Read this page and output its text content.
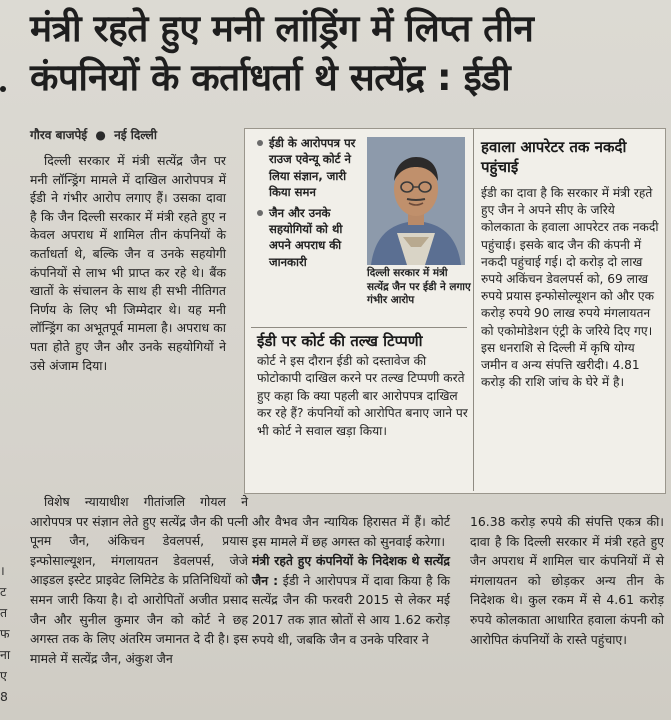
मंत्री रहते हुए मनी लांड्रिंग में लिप्त तीन
कंपनियों के कर्ताधर्ता थे सत्येंद्र : ईडी
गौरव बाजपेई ● नई दिल्ली

दिल्ली सरकार में मंत्री सत्येंद्र जैन पर मनी लॉन्ड्रिंग मामले में दाखिल आरोपपत्र में ईडी ने गंभीर आरोप लगाए हैं। उसका दावा है कि जैन दिल्ली सरकार में मंत्री रहते हुए न केवल अपराध में शामिल तीन कंपनियों के कर्ताधर्ता थे, बल्कि जैन व उनके सहयोगी कंपनियों से लाभ भी प्राप्त कर रहे थे। बैंक खातों के संचालन के साथ ही सभी नीतिगत निर्णय के लिए भी जिम्मेदार थे। यह मनी लॉन्ड्रिंग का अभूतपूर्व मामला है। अपराध का पता होते हुए जैन और उनके सहयोगियों ने उसे अंजाम दिया।

।
ट
त
फ
ना
ए
8

विशेष न्यायाधीश गीतांजलि गोयल ने आरोपपत्र पर संज्ञान लेते हुए सत्येंद्र जैन की पत्नी पूनम जैन, अंकिचन डेवलपर्स, प्रयास इन्फोसाल्यूशन, मंगलायतन डेवलपर्स, जेजे आइडल इस्टेट प्राइवेट लिमिटेड के प्रतिनिधियों को समन जारी किया है। दो आरोपितों अजीत प्रसाद जैन और सुनील कुमार जैन को कोर्ट ने छह अगस्त तक के लिए अंतरिम जमानत दे दी है। इस मामले में सत्येंद्र जैन, अंकुश जैन

ईडी के आरोपपत्र पर राउज एवेन्यू कोर्ट ने लिया संज्ञान, जारी किया समन
जैन और उनके सहयोगियों को थी अपने अपराध की जानकारी
दिल्ली सरकार में मंत्री सत्येंद्र जैन पर ईडी ने लगाए गंभीर आरोप
ईडी पर कोर्ट की तल्ख टिप्पणी
कोर्ट ने इस दौरान ईडी को दस्तावेज की फोटोकापी दाखिल करने पर तल्ख टिप्पणी करते हुए कहा कि क्या पहली बार आरोपपत्र दाखिल कर रहे हैं? कंपनियों को आरोपित बनाए जाने पर भी कोर्ट ने सवाल खड़ा किया।
हवाला आपरेटर तक नकदी पहुंचाई
ईडी का दावा है कि सरकार में मंत्री रहते हुए जैन ने अपने सीए के जरिये कोलकाता के हवाला आपरेटर तक नकदी पहुंचाई। इसके बाद जैन की कंपनी में नकदी पहुंचाई गई। दो करोड़ दो लाख रुपये अकिंचन डेवलपर्स को, 69 लाख रुपये प्रयास इन्फोसोल्यूशन को और एक करोड़ रुपये 90 लाख रुपये मंगलायतन को एकोमोडेशन एंट्री के जरिये दिए गए। इस धनराशि से दिल्ली में कृषि योग्य जमीन व अन्य संपत्ति खरीदी। 4.81 करोड़ की राशि जांच के घेरे में है।

और वैभव जैन न्यायिक हिरासत में हैं। कोर्ट इस मामले में छह अगस्त को सुनवाई करेगा।

मंत्री रहते हुए कंपनियों के निदेशक थे सत्येंद्र जैन : ईडी ने आरोपपत्र में दावा किया है कि सत्येंद्र जैन की फरवरी 2015 से लेकर मई 2017 तक ज्ञात स्रोतों से आय 1.62 करोड़ रुपये थी, जबकि जैन व उनके परिवार ने

16.38 करोड़ रुपये की संपत्ति एकत्र की। दावा है कि दिल्ली सरकार में मंत्री रहते हुए जैन अपराध में शामिल चार कंपनियों में से मंगलायतन को छोड़कर अन्य तीन के निदेशक थे। कुल रकम में से 4.61 करोड़ रुपये कोलकाता आधारित हवाला कंपनी को आरोपित कंपनियों के रास्ते पहुंचाए।
